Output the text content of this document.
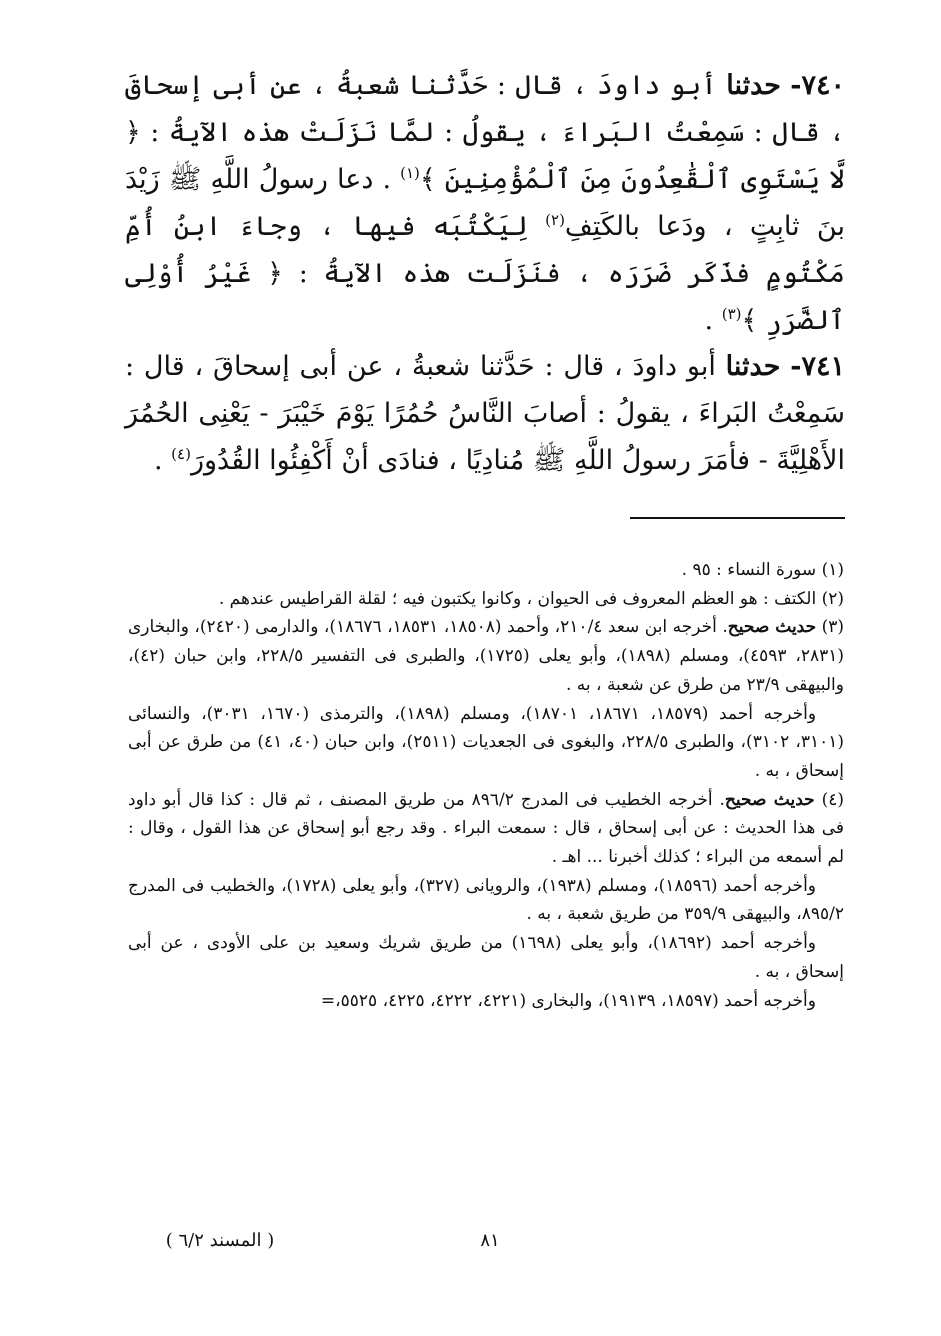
٧٤٠- حدثنا أبو داودَ ، قال : حَدَّثنا شعبةُ ، عن أبى إسحاقَ ، قال : سَمِعْتُ البَراءَ ، يقولُ : لمَّا نَزَلَتْ هذه الآيةُ : ﴿ لَّا يَسْتَوِى ٱلْقَٰعِدُونَ مِنَ ٱلْمُؤْمِنِينَ ﴾$^{(١)}$ . دعا رسولُ اللَّهِ ﷺ زَيْدَ بنَ ثابِتٍ ، ودَعا بالكَتِفِ$^{(٢)}$ لِيَكْتُبَه فيها ، وجاءَ ابنُ أُمِّ مَكْتُومٍ فذَكَر ضَرَرَه ، فنَزَلَت هذه الآيةُ : ﴿ غَيْرُ أُوْلِى ٱلضَّرَرِ ﴾$^{(٣)}$ .

٧٤١- حدثنا أبو داودَ ، قال : حَدَّثنا شعبةُ ، عن أبى إسحاقَ ، قال : سَمِعْتُ البَراءَ ، يقولُ : أصابَ النَّاسُ حُمُرًا يَوْمَ خَيْبَرَ - يَعْنِى الحُمُرَ الأَهْلِيَّةَ - فأمَرَ رسولُ اللَّهِ ﷺ مُنادِيًا ، فنادَى أنْ أَكْفِئُوا القُدُورَ$^{(٤)}$ .

(١) سورة النساء : ٩٥ .

(٢) الكتف : هو العظم المعروف فى الحيوان ، وكانوا يكتبون فيه ؛ لقلة القراطيس عندهم .

(٣) حديث صحيح. أخرجه ابن سعد ٢١٠/٤، وأحمد (١٨٥٠٨، ١٨٥٣١، ١٨٦٧٦)، والدارمى (٢٤٢٠)، والبخارى (٢٨٣١، ٤٥٩٣)، ومسلم (١٨٩٨)، وأبو يعلى (١٧٢٥)، والطبرى فى التفسير ٢٢٨/٥، وابن حبان (٤٢)، والبيهقى ٢٣/٩ من طرق عن شعبة ، به .

وأخرجه أحمد (١٨٥٧٩، ١٨٦٧١، ١٨٧٠١)، ومسلم (١٨٩٨)، والترمذى (١٦٧٠، ٣٠٣١)، والنسائى (٣١٠١، ٣١٠٢)، والطبرى ٢٢٨/٥، والبغوى فى الجعديات (٢٥١١)، وابن حبان (٤٠، ٤١) من طرق عن أبى إسحاق ، به .

(٤) حديث صحيح. أخرجه الخطيب فى المدرج ٨٩٦/٢ من طريق المصنف ، ثم قال : كذا قال أبو داود فى هذا الحديث : عن أبى إسحاق ، قال : سمعت البراء . وقد رجع أبو إسحاق عن هذا القول ، وقال : لم أسمعه من البراء ؛ كذلك أخبرنا ... اهـ .

وأخرجه أحمد (١٨٥٩٦)، ومسلم (١٩٣٨)، والرويانى (٣٢٧)، وأبو يعلى (١٧٢٨)، والخطيب فى المدرج ٨٩٥/٢، والبيهقى ٣٥٩/٩ من طريق شعبة ، به .

وأخرجه أحمد (١٨٦٩٢)، وأبو يعلى (١٦٩٨) من طريق شريك وسعيد بن على الأودى ، عن أبى إسحاق ، به .

وأخرجه أحمد (١٨٥٩٧، ١٩١٣٩)، والبخارى (٤٢٢١، ٤٢٢٢، ٤٢٢٥، ٥٥٢٥،=

٨١
( المسند ٦/٢ )
